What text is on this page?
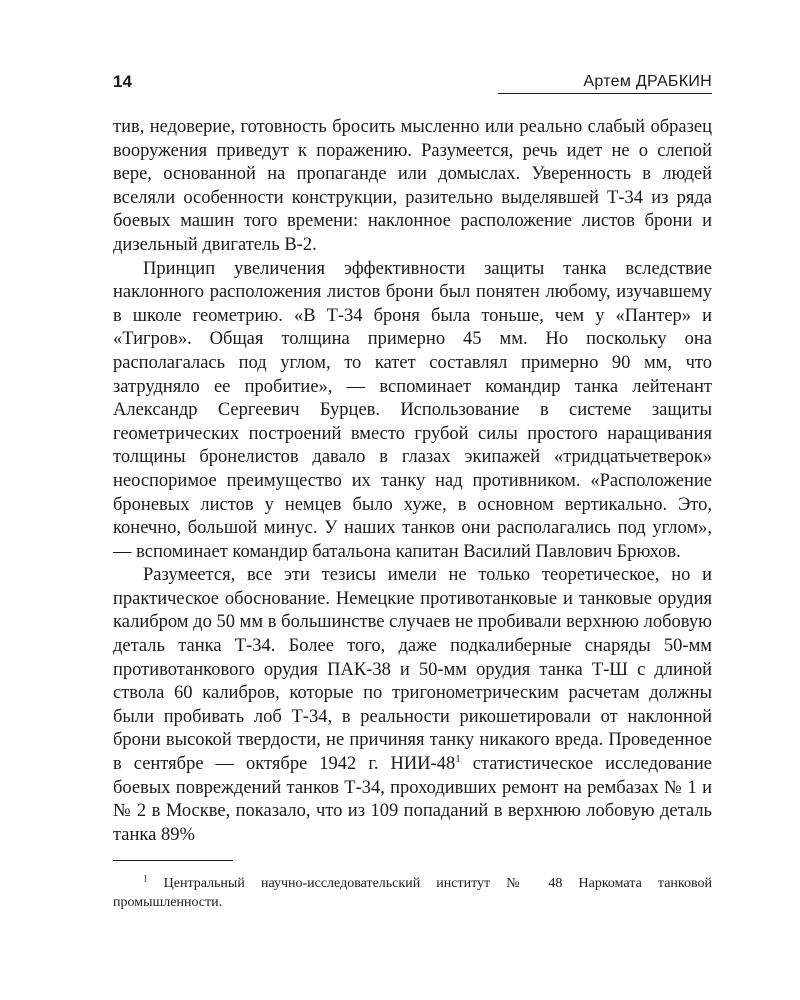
14	Артем ДРАБКИН

тив, недоверие, готовность бросить мысленно или реально слабый образец вооружения приведут к поражению. Разумеется, речь идет не о слепой вере, основанной на пропаганде или домыслах. Уверенность в людей вселяли особенности конструкции, разительно выделявшей Т-34 из ряда боевых машин того времени: наклонное расположение листов брони и дизельный двигатель В-2.

Принцип увеличения эффективности защиты танка вследствие наклонного расположения листов брони был понятен любому, изучавшему в школе геометрию. «В Т-34 броня была тоньше, чем у «Пантер» и «Тигров». Общая толщина примерно 45 мм. Но поскольку она располагалась под углом, то катет составлял примерно 90 мм, что затрудняло ее пробитие», — вспоминает командир танка лейтенант Александр Сергеевич Бурцев. Использование в системе защиты геометрических построений вместо грубой силы простого наращивания толщины бронелистов давало в глазах экипажей «тридцатьчетверок» неоспоримое преимущество их танку над противником. «Расположение броневых листов у немцев было хуже, в основном вертикально. Это, конечно, большой минус. У наших танков они располагались под углом», — вспоминает командир батальона капитан Василий Павлович Брюхов.

Разумеется, все эти тезисы имели не только теоретическое, но и практическое обоснование. Немецкие противотанковые и танковые орудия калибром до 50 мм в большинстве случаев не пробивали верхнюю лобовую деталь танка Т-34. Более того, даже подкалиберные снаряды 50-мм противотанкового орудия ПАК-38 и 50-мм орудия танка Т-Ш с длиной ствола 60 калибров, которые по тригонометрическим расчетам должны были пробивать лоб Т-34, в реальности рикошетировали от наклонной брони высокой твердости, не причиняя танку никакого вреда. Проведенное в сентябре — октябре 1942 г. НИИ-$48^1$ статистическое исследование боевых повреждений танков Т-34, проходивших ремонт на рембазах № 1 и № 2 в Москве, показало, что из 109 попаданий в верхнюю лобовую деталь танка 89%

$^1$ Центральный научно-исследовательский институт № 48 Наркомата танковой промышленности.
